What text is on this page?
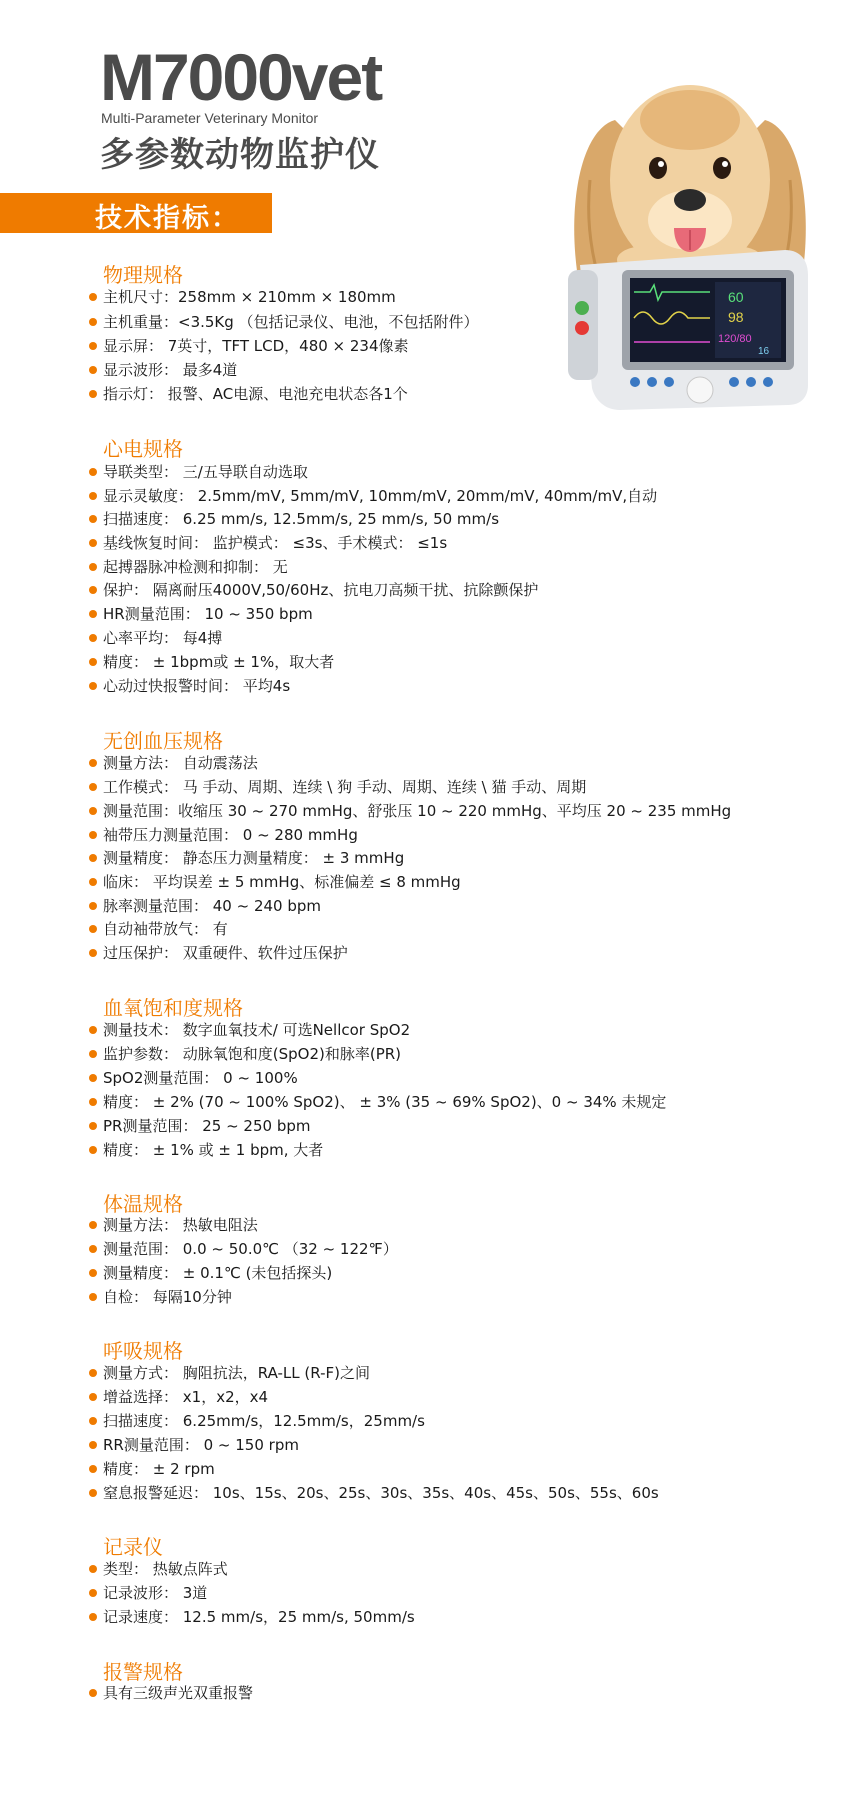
M7000vet
Multi-Parameter Veterinary Monitor
多参数动物监护仪
技术指标：
60
98
120/80
16
物理规格
主机尺寸：258mm × 210mm × 180mm
主机重量：<3.5Kg （包括记录仪、电池，不包括附件）
显示屏： 7英寸，TFT LCD，480 × 234像素
显示波形： 最多4道
指示灯： 报警、AC电源、电池充电状态各1个
心电规格
导联类型： 三/五导联自动选取
显示灵敏度： 2.5mm/mV, 5mm/mV, 10mm/mV, 20mm/mV, 40mm/mV,自动
扫描速度： 6.25 mm/s, 12.5mm/s, 25 mm/s, 50 mm/s
基线恢复时间： 监护模式： ≤3s、手术模式： ≤1s
起搏器脉冲检测和抑制： 无
保护： 隔离耐压4000V,50/60Hz、抗电刀高频干扰、抗除颤保护
HR测量范围： 10 ~ 350 bpm
心率平均： 每4搏
精度： ± 1bpm或 ± 1%，取大者
心动过快报警时间： 平均4s
无创血压规格
测量方法： 自动震荡法
工作模式： 马 手动、周期、连续 \ 狗 手动、周期、连续 \ 猫 手动、周期
测量范围：收缩压 30 ~ 270 mmHg、舒张压 10 ~ 220 mmHg、平均压 20 ~ 235 mmHg
袖带压力测量范围： 0 ~ 280 mmHg
测量精度： 静态压力测量精度： ± 3 mmHg
临床： 平均误差 ± 5 mmHg、标准偏差 ≤ 8 mmHg
脉率测量范围： 40 ~ 240 bpm
自动袖带放气： 有
过压保护： 双重硬件、软件过压保护
血氧饱和度规格
测量技术： 数字血氧技术/ 可选Nellcor SpO2
监护参数： 动脉氧饱和度(SpO2)和脉率(PR)
SpO2测量范围： 0 ~ 100%
精度： ± 2% (70 ~ 100% SpO2)、 ± 3% (35 ~ 69% SpO2)、0 ~ 34% 未规定
PR测量范围： 25 ~ 250 bpm
精度： ± 1% 或 ± 1 bpm, 大者
体温规格
测量方法： 热敏电阻法
测量范围： 0.0 ~ 50.0℃ （32 ~ 122℉）
测量精度： ± 0.1℃ (未包括探头)
自检： 每隔10分钟
呼吸规格
测量方式： 胸阻抗法，RA-LL (R-F)之间
增益选择： x1，x2，x4
扫描速度： 6.25mm/s，12.5mm/s，25mm/s
RR测量范围： 0 ~ 150 rpm
精度： ± 2 rpm
窒息报警延迟： 10s、15s、20s、25s、30s、35s、40s、45s、50s、55s、60s
记录仪
类型： 热敏点阵式
记录波形： 3道
记录速度： 12.5 mm/s，25 mm/s, 50mm/s
报警规格
具有三级声光双重报警
